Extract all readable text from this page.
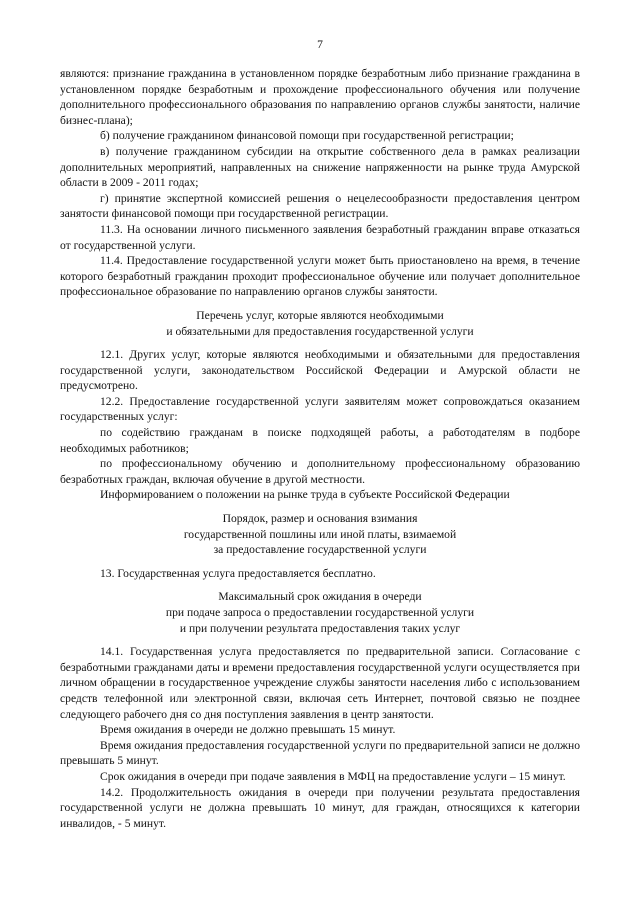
7

являются: признание гражданина в установленном порядке безработным либо признание гражданина в установленном порядке безработным и прохождение профессионального обучения или получение дополнительного профессионального образования по направлению органов службы занятости, наличие бизнес-плана);

б) получение гражданином финансовой помощи при государственной регистрации;

в) получение гражданином субсидии на открытие собственного дела в рамках реализации дополнительных мероприятий, направленных на снижение напряженности на рынке труда Амурской области в 2009 - 2011 годах;

г) принятие экспертной комиссией решения о нецелесообразности предоставления центром занятости финансовой помощи при государственной регистрации.

11.3. На основании личного письменного заявления безработный гражданин вправе отказаться от государственной услуги.

11.4. Предоставление государственной услуги может быть приостановлено на время, в течение которого безработный гражданин проходит профессиональное обучение или получает дополнительное профессиональное образование по направлению органов службы занятости.

Перечень услуг, которые являются необходимыми

и обязательными для предоставления государственной услуги

12.1. Других услуг, которые являются необходимыми и обязательными для предоставления государственной услуги, законодательством Российской Федерации и Амурской области не предусмотрено.

12.2. Предоставление государственной услуги заявителям может сопровождаться оказанием государственных услуг:

по содействию гражданам в поиске подходящей работы, а работодателям в подборе необходимых работников;

по профессиональному обучению и дополнительному профессиональному образованию безработных граждан, включая обучение в другой местности.

Информированием о положении на рынке труда в субъекте Российской Федерации

Порядок, размер и основания взимания

государственной пошлины или иной платы, взимаемой

за предоставление государственной услуги

13. Государственная услуга предоставляется бесплатно.

Максимальный срок ожидания в очереди

при подаче запроса о предоставлении государственной услуги

и при получении результата предоставления таких услуг

14.1. Государственная услуга предоставляется по предварительной записи. Согласование с безработными гражданами даты и времени предоставления государственной услуги осуществляется при личном обращении в государственное учреждение службы занятости населения либо с использованием средств телефонной или электронной связи, включая сеть Интернет, почтовой связью не позднее следующего рабочего дня со дня поступления заявления в центр занятости.

Время ожидания в очереди не должно превышать 15 минут.

Время ожидания предоставления государственной услуги по предварительной записи не должно превышать 5 минут.

Срок ожидания в очереди при подаче заявления в МФЦ на предоставление услуги – 15 минут.

14.2. Продолжительность ожидания в очереди при получении результата предоставления государственной услуги не должна превышать 10 минут, для граждан, относящихся к категории инвалидов, - 5 минут.
